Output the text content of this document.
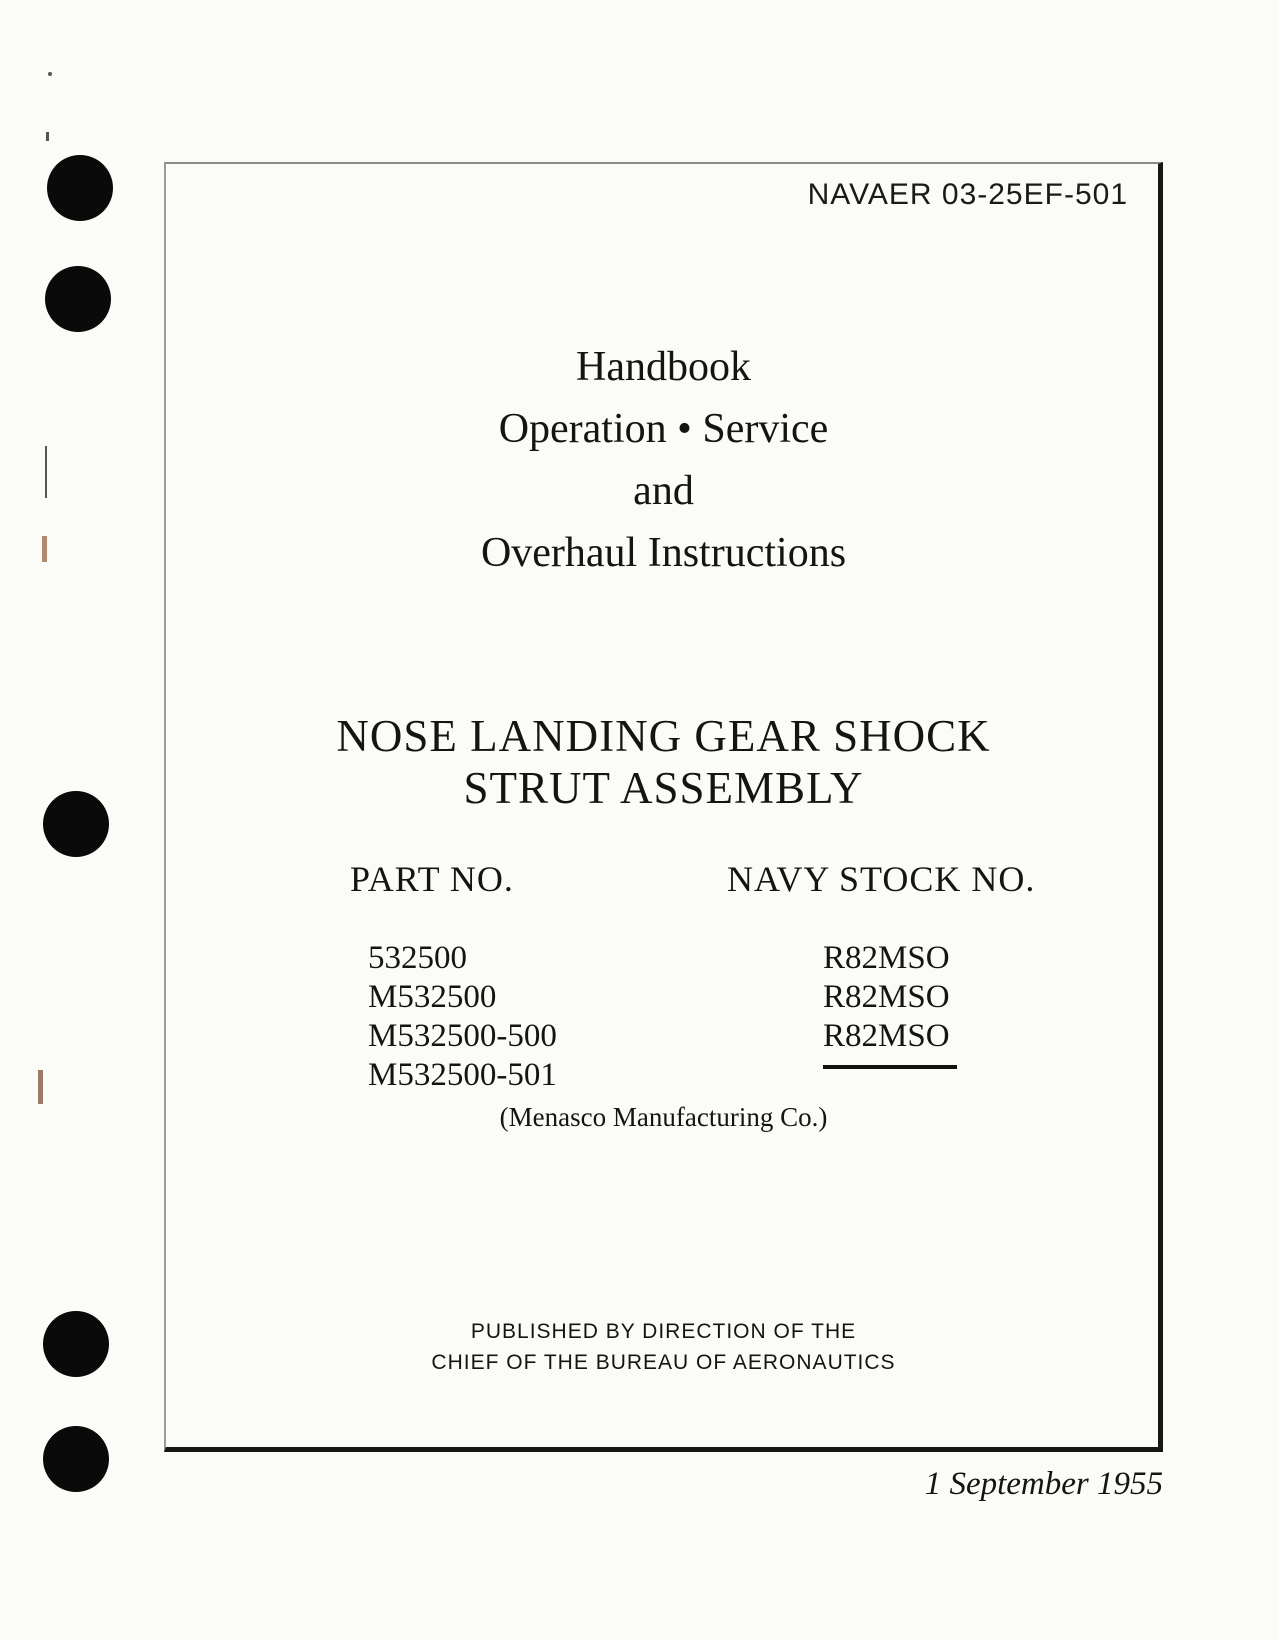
NAVAER 03-25EF-501
Handbook
Operation • Service
and
Overhaul Instructions
NOSE LANDING GEAR SHOCK
STRUT ASSEMBLY
PART NO.	NAVY STOCK NO.
532500
M532500
M532500-500
M532500-501
R82MSO
R82MSO
R82MSO
(Menasco Manufacturing Co.)
PUBLISHED BY DIRECTION OF THE
CHIEF OF THE BUREAU OF AERONAUTICS
1 September 1955
